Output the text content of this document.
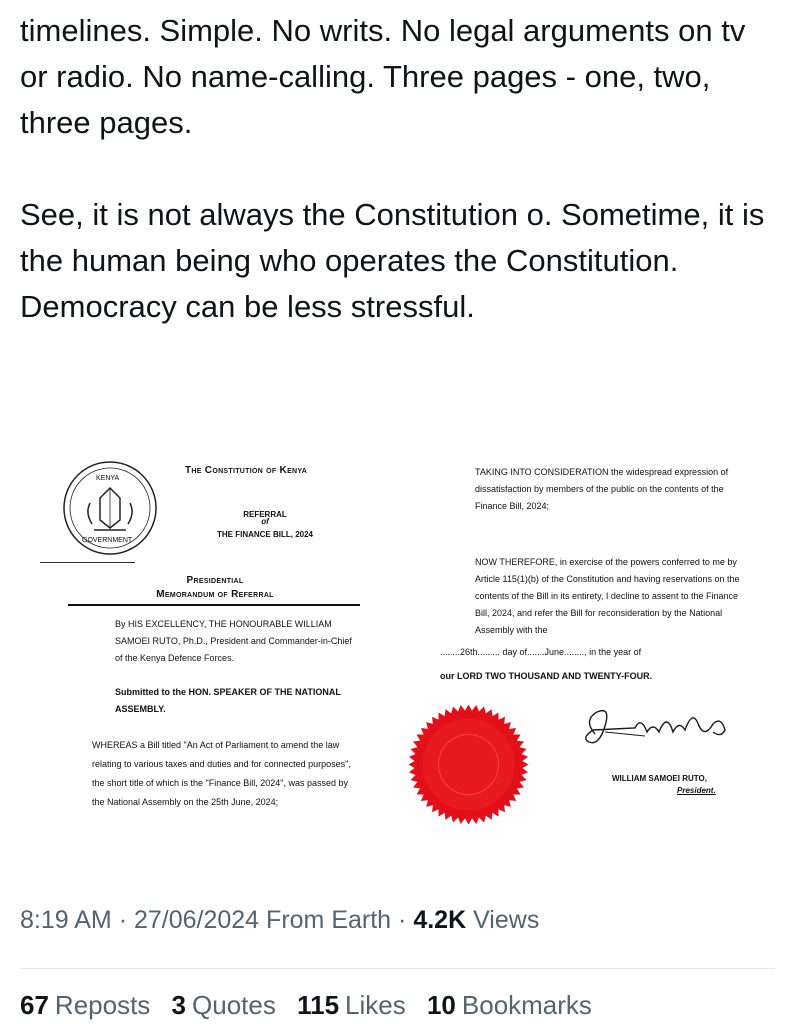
timelines. Simple. No writs. No legal arguments on tv or radio. No name-calling. Three pages - one, two, three pages.

See, it is not always the Constitution o. Sometime, it is the human being who operates the Constitution. Democracy can be less stressful.

KENYA
GOVERNMENT
The Constitution of Kenya
REFERRAL
of
THE FINANCE BILL, 2024
Presidential
Memorandum of Referral
By HIS EXCELLENCY, THE HONOURABLE WILLIAM SAMOEI RUTO, Ph.D., President and Commander-in-Chief of the Kenya Defence Forces.
Submitted to the HON. SPEAKER OF THE NATIONAL ASSEMBLY.
WHEREAS a Bill titled "An Act of Parliament to amend the law relating to various taxes and duties and for connected purposes", the short title of which is the "Finance Bill, 2024", was passed by the National Assembly on the 25th June, 2024;
TAKING INTO CONSIDERATION the widespread expression of dissatisfaction by members of the public on the contents of the Finance Bill, 2024;
NOW THEREFORE, in exercise of the powers conferred to me by Article 115(1)(b) of the Constitution and having reservations on the contents of the Bill in its entirety, I decline to assent to the Finance Bill, 2024, and refer the Bill for reconsideration by the National Assembly with the
........26th......... day of.......June........, in the year of
our LORD TWO THOUSAND AND TWENTY-FOUR.
WILLIAM SAMOEI RUTO,
President.
8:19 AM · 27/06/2024 From Earth · 4.2K Views
67 Reposts 3 Quotes 115 Likes 10 Bookmarks
